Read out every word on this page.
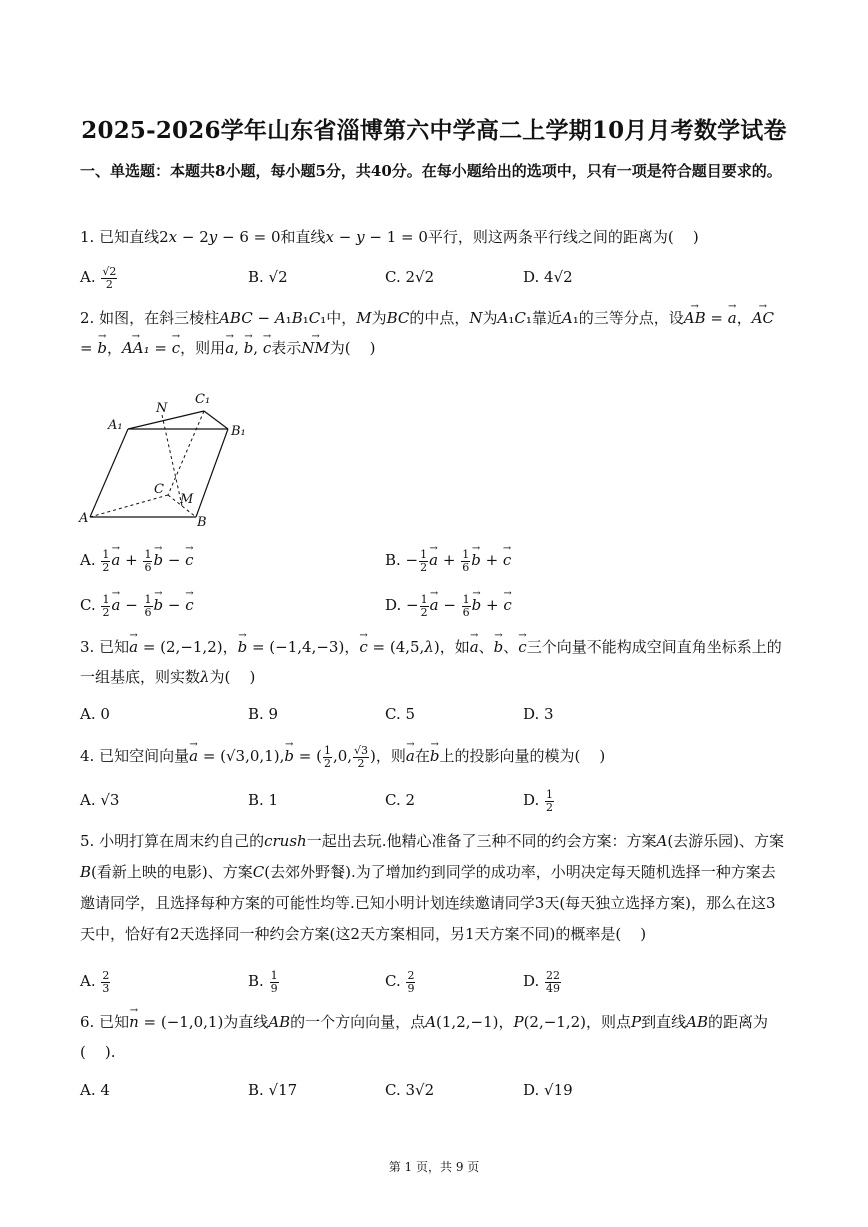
2025-2026学年山东省淄博第六中学高二上学期10月月考数学试卷
一、单选题：本题共8小题，每小题5分，共40分。在每小题给出的选项中，只有一项是符合题目要求的。
1. 已知直线2x − 2y − 6 = 0和直线x − y − 1 = 0平行，则这两条平行线之间的距离为(    )
A. $\frac{√2}{2}$	B. √2	C. 2√2	D. 4√2
2. 如图，在斜三棱柱ABC − A₁B₁C₁中，M为BC的中点，N为A₁C₁靠近A₁的三等分点，设→ AB = → a，→ AC = → b，→ AA₁ = → c，则用→ a, → b, → c表示→ NM为(    )
A₁
N
C₁
B₁
C
M
A	B
A. $\frac{1}{2}$
→ $a + \frac{1}{6}$
→ b − → c	B. − $\frac{1}{2}$
→ $a + \frac{1}{6}$
→ b + → c
C. $\frac{1}{2}$
→ $a - \frac{1}{6}$
→ b − → c	D. − $\frac{1}{2}$
→ $a - \frac{1}{6}$
→ b + → c
3. 已知→ a = (2,−1,2)，→ b = (−1,4,−3)，→ c = (4,5,λ)，如→ a、→ b、→ c三个向量不能构成空间直角坐标系上的一组基底，则实数λ为(    )
A. 0	B. 9	C. 5	D. 3
4. 已知空间向量→ a = (√3,0,1),→ b = ( $\frac{1}{2} ,0$, $\frac{√3}{2}$ )，则→ a在→ b上的投影向量的模为(    )
A. √3	B. 1	C. 2	D. $\frac{1}{2}$
5. 小明打算在周末约自己的crush一起出去玩.他精心准备了三种不同的约会方案：方案A(去游乐园)、方案B(看新上映的电影)、方案C(去郊外野餐).为了增加约到同学的成功率，小明决定每天随机选择一种方案去邀请同学，且选择每种方案的可能性均等.已知小明计划连续邀请同学3天(每天独立选择方案)，那么在这3天中，恰好有2天选择同一种约会方案(这2天方案相同，另1天方案不同)的概率是(    )
A. $\frac{2}{3}$	B. $\frac{1}{9}$	C. $\frac{2}{9}$	D. $\frac{22}{49}$
6. 已知→ n = (−1,0,1)为直线AB的一个方向向量，点A(1,2,−1)，P(2,−1,2)，则点P到直线AB的距离为
(    ).
A. 4	B. √17	C. 3√2	D. √19
第 1 页，共 9 页
